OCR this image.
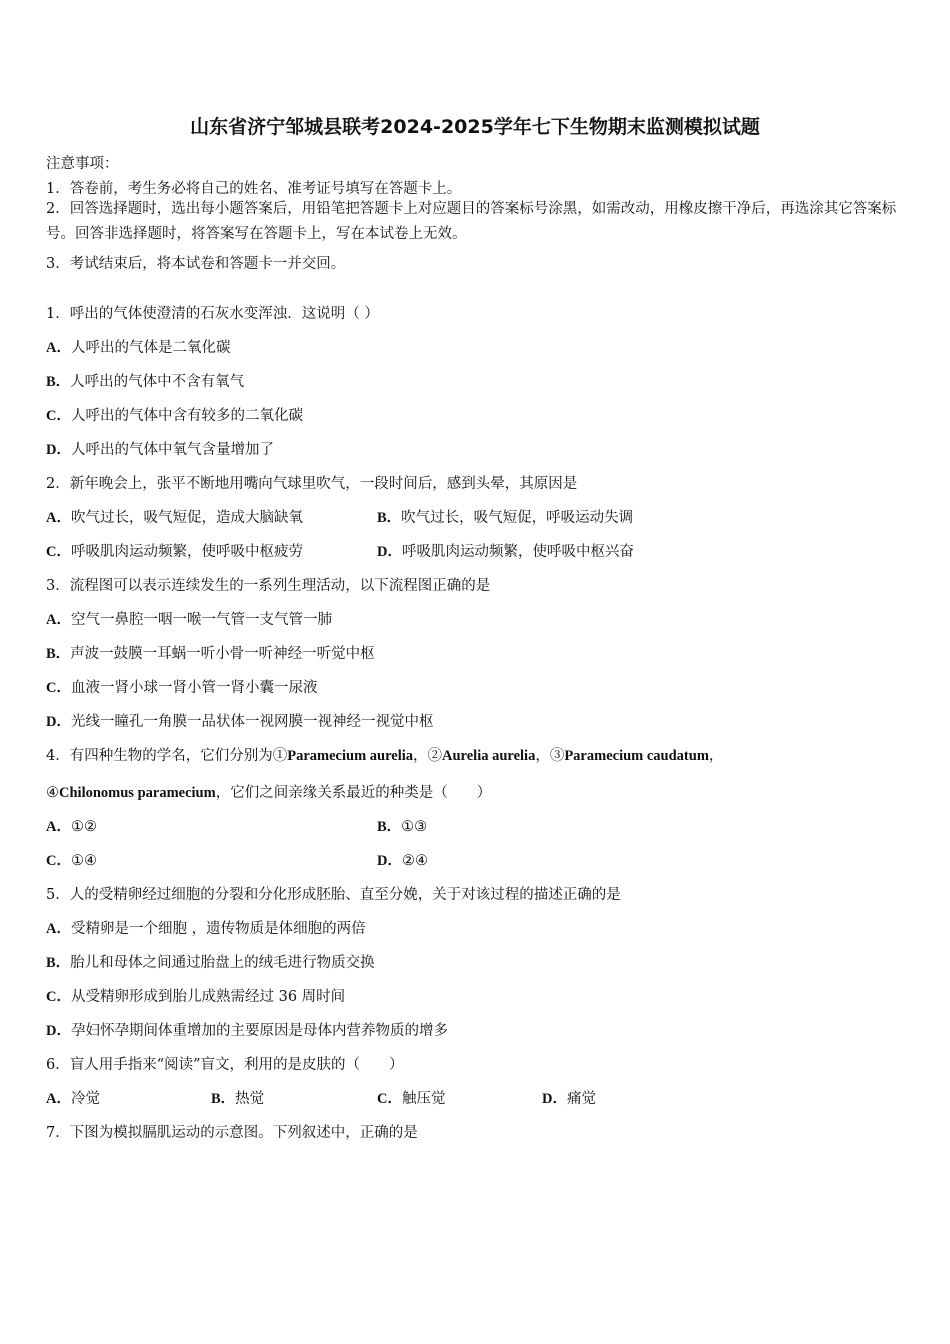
山东省济宁邹城县联考2024-2025学年七下生物期末监测模拟试题
注意事项：
1．答卷前，考生务必将自己的姓名、准考证号填写在答题卡上。
2．回答选择题时，选出每小题答案后，用铅笔把答题卡上对应题目的答案标号涂黑，如需改动，用橡皮擦干净后，再选涂其它答案标号。回答非选择题时，将答案写在答题卡上，写在本试卷上无效。
3．考试结束后，将本试卷和答题卡一并交回。
1．呼出的气体使澄清的石灰水变浑浊．这说明（ ）
A．人呼出的气体是二氧化碳
B．人呼出的气体中不含有氧气
C．人呼出的气体中含有较多的二氧化碳
D．人呼出的气体中氧气含量增加了
2．新年晚会上，张平不断地用嘴向气球里吹气，一段时间后，感到头晕，其原因是
A．吹气过长，吸气短促，造成大脑缺氧	B．吹气过长，吸气短促，呼吸运动失调
C．呼吸肌肉运动频繁，使呼吸中枢疲劳	D．呼吸肌肉运动频繁，使呼吸中枢兴奋
3．流程图可以表示连续发生的一系列生理活动，以下流程图正确的是
A．空气一鼻腔一咽一喉一气管一支气管一肺
B．声波一鼓膜一耳蜗一听小骨一听神经一听觉中枢
C．血液一肾小球一肾小管一肾小囊一尿液
D．光线一瞳孔一角膜一品状体一视网膜一视神经一视觉中枢
4．有四种生物的学名，它们分别为①Paramecium aurelia，②Aurelia aurelia，③Paramecium caudatum，
④Chilonomus paramecium，它们之间亲缘关系最近的种类是（　　）
A．①②	B．①③
C．①④	D．②④
5．人的受精卵经过细胞的分裂和分化形成胚胎、直至分娩，关于对该过程的描述正确的是
A．受精卵是一个细胞 ，遗传物质是体细胞的两倍
B．胎儿和母体之间通过胎盘上的绒毛进行物质交换
C．从受精卵形成到胎儿成熟需经过 36 周时间
D．孕妇怀孕期间体重增加的主要原因是母体内营养物质的增多
6．盲人用手指来“阅读”盲文，利用的是皮肤的（　　）
A．冷觉	B．热觉	C．触压觉	D．痛觉
7．下图为模拟膈肌运动的示意图。下列叙述中，正确的是
